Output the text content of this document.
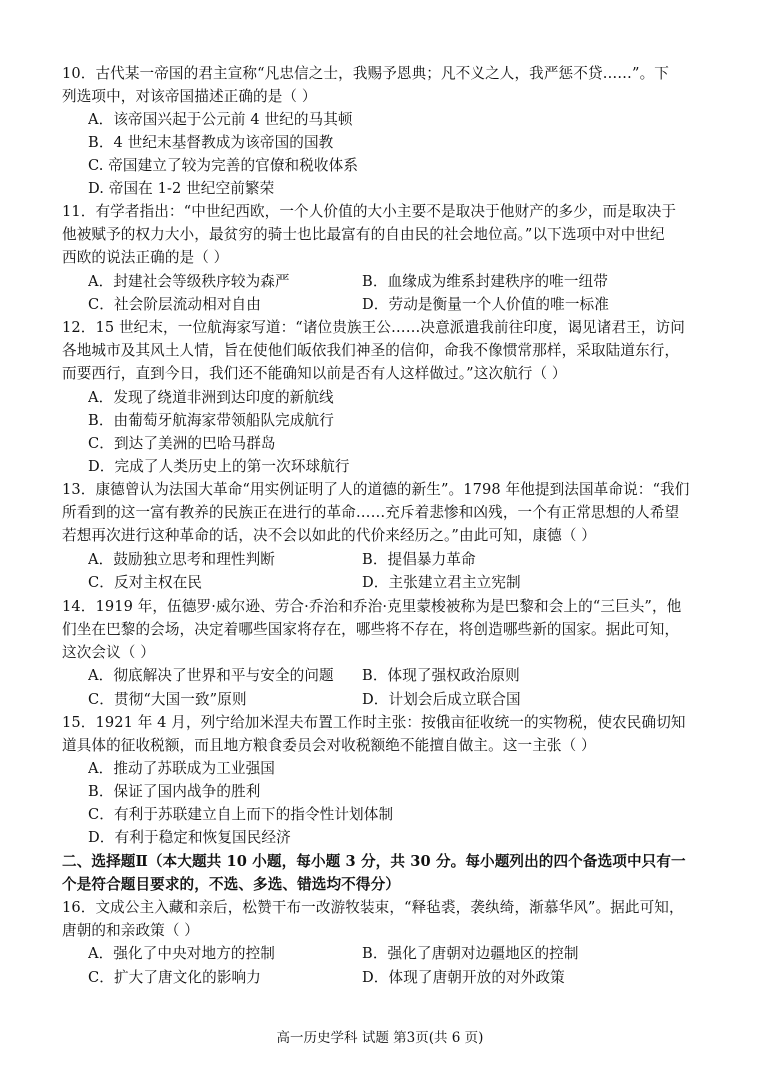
10．古代某一帝国的君主宣称“凡忠信之士，我赐予恩典；凡不义之人，我严惩不贷……”。下
列选项中，对该帝国描述正确的是（ ）
A．该帝国兴起于公元前 4 世纪的马其顿
B．4 世纪末基督教成为该帝国的国教
C. 帝国建立了较为完善的官僚和税收体系
D. 帝国在 1-2 世纪空前繁荣
11．有学者指出：“中世纪西欧，一个人价值的大小主要不是取决于他财产的多少，而是取决于
他被赋予的权力大小，最贫穷的骑士也比最富有的自由民的社会地位高。”以下选项中对中世纪
西欧的说法正确的是（ ）
A．封建社会等级秩序较为森严	B．血缘成为维系封建秩序的唯一纽带
C．社会阶层流动相对自由	D．劳动是衡量一个人价值的唯一标准
12．15 世纪末，一位航海家写道：“诸位贵族王公……决意派遣我前往印度，谒见诸君王，访问
各地城市及其风土人情，旨在使他们皈依我们神圣的信仰，命我不像惯常那样，采取陆道东行，
而要西行，直到今日，我们还不能确知以前是否有人这样做过。”这次航行（ ）
A．发现了绕道非洲到达印度的新航线
B．由葡萄牙航海家带领船队完成航行
C．到达了美洲的巴哈马群岛
D．完成了人类历史上的第一次环球航行
13．康德曾认为法国大革命“用实例证明了人的道德的新生”。1798 年他提到法国革命说：“我们
所看到的这一富有教养的民族正在进行的革命……充斥着悲惨和凶残，一个有正常思想的人希望
若想再次进行这种革命的话，决不会以如此的代价来经历之。”由此可知，康德（ ）
A．鼓励独立思考和理性判断	B．提倡暴力革命
C．反对主权在民	D．主张建立君主立宪制
14．1919 年，伍德罗·威尔逊、劳合·乔治和乔治·克里蒙梭被称为是巴黎和会上的“三巨头”，他
们坐在巴黎的会场，决定着哪些国家将存在，哪些将不存在，将创造哪些新的国家。据此可知，
这次会议（ ）
A．彻底解决了世界和平与安全的问题	B．体现了强权政治原则
C．贯彻“大国一致”原则	D．计划会后成立联合国
15．1921 年 4 月，列宁给加米涅夫布置工作时主张：按俄亩征收统一的实物税，使农民确切知
道具体的征收税额，而且地方粮食委员会对收税额绝不能擅自做主。这一主张（ ）
A．推动了苏联成为工业强国
B．保证了国内战争的胜利
C．有利于苏联建立自上而下的指令性计划体制
D．有利于稳定和恢复国民经济
二、选择题Ⅱ（本大题共 10 小题，每小题 3 分，共 30 分。每小题列出的四个备选项中只有一
个是符合题目要求的，不选、多选、错选均不得分）
16．文成公主入藏和亲后，松赞干布一改游牧装束，“释毡裘，袭纨绮，渐慕华风”。据此可知，
唐朝的和亲政策（ ）
A．强化了中央对地方的控制	B．强化了唐朝对边疆地区的控制
C．扩大了唐文化的影响力	D．体现了唐朝开放的对外政策
高一历史学科 试题 第3页(共 6 页)
